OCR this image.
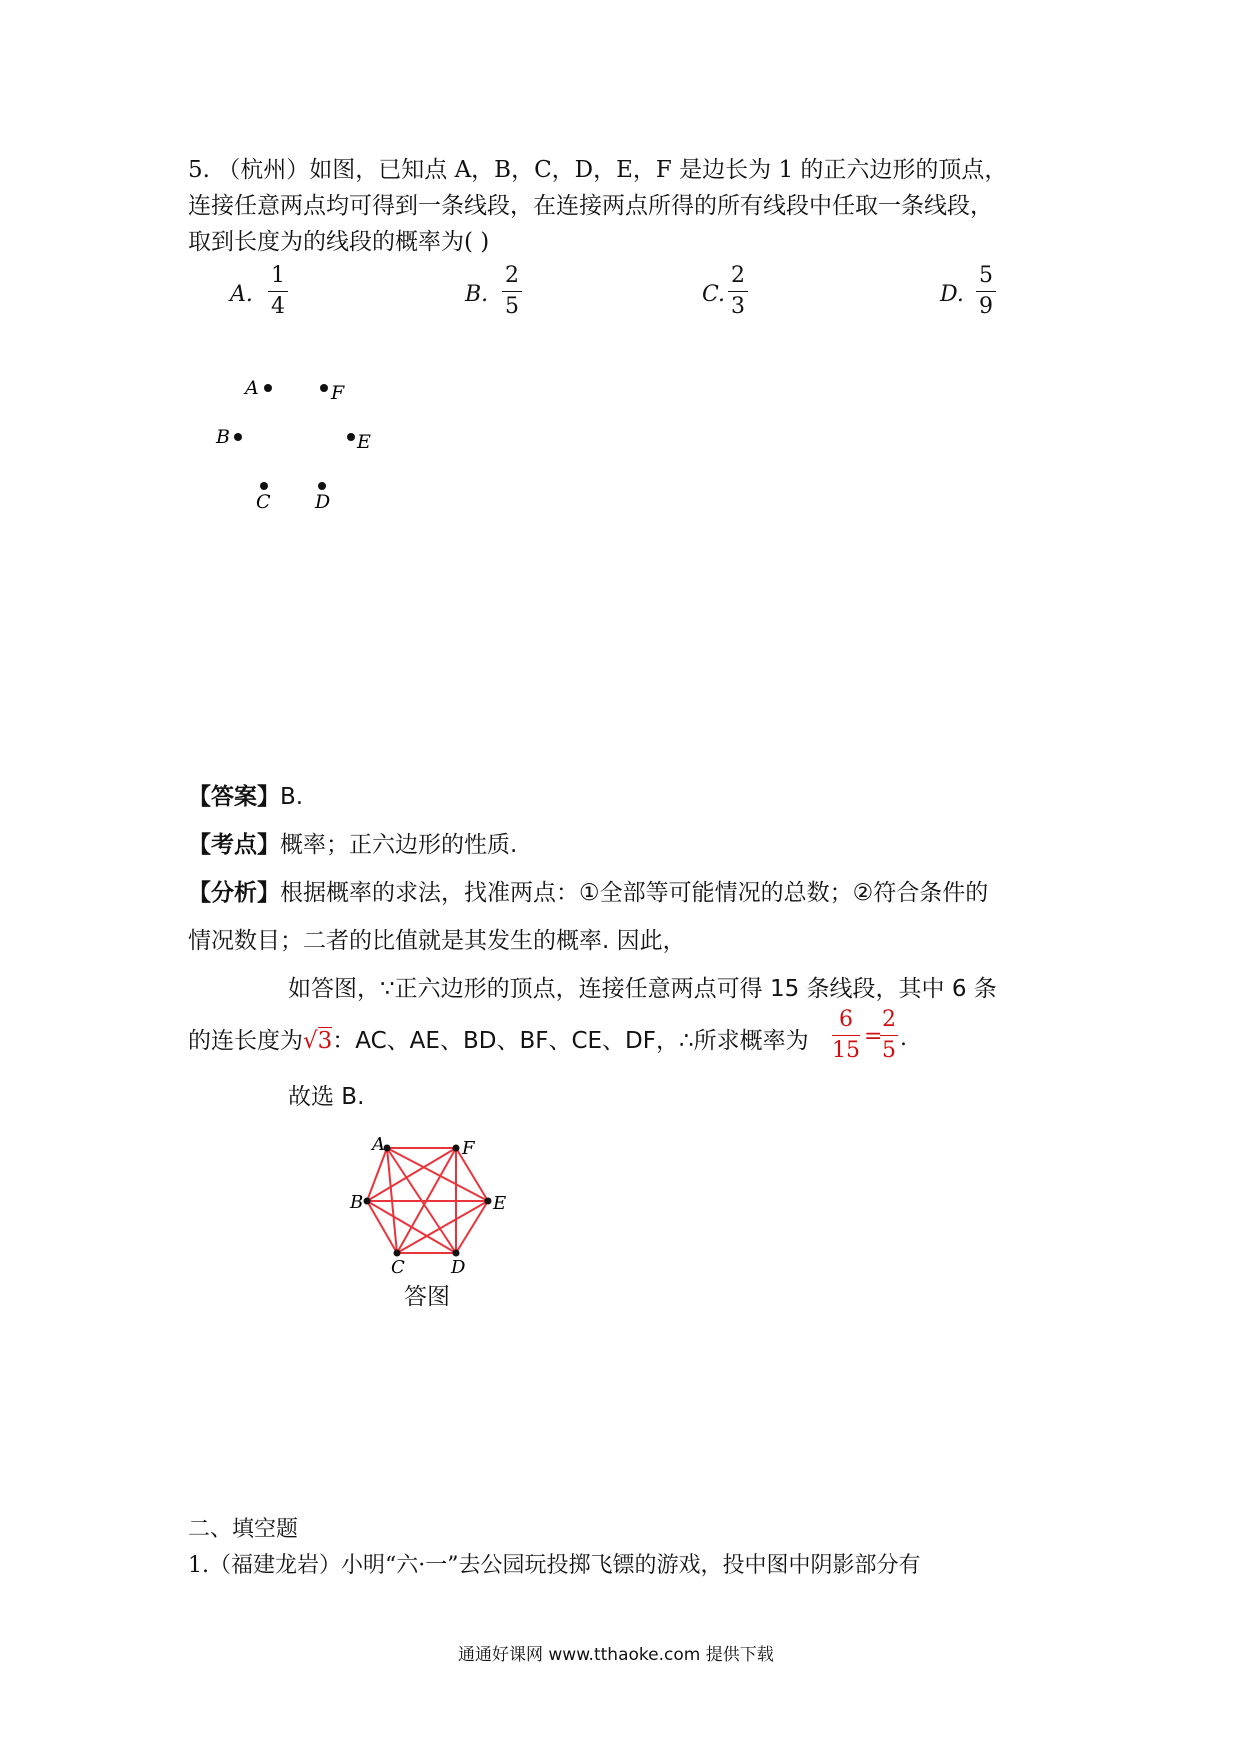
5. （杭州）如图，已知点 A，B，C，D，E，F 是边长为 1 的正六边形的顶点，
连接任意两点均可得到一条线段，在连接两点所得的所有线段中任取一条线段，
取到长度为的线段的概率为( )
A.
1
4	B.
2
5	C.
2
3	D.
5
9
A	F
B	E
C D
【答案】B.
【考点】概率；正六边形的性质.
【分析】根据概率的求法，找准两点：①全部等可能情况的总数；②符合条件的
情况数目；二者的比值就是其发生的概率. 因此，
如答图，∵正六边形的顶点，连接任意两点可得 15 条线段，其中 6 条
的连长度为√3：AC、AE、BD、BF、CE、DF，∴所求概率为
6
15
=
2
5 .
故选 B.
A	F
E
B
C	D
答图
二、填空题
1.（福建龙岩）小明“六·一”去公园玩投掷飞镖的游戏，投中图中阴影部分有
通通好课网 www.tthaoke.com 提供下载
